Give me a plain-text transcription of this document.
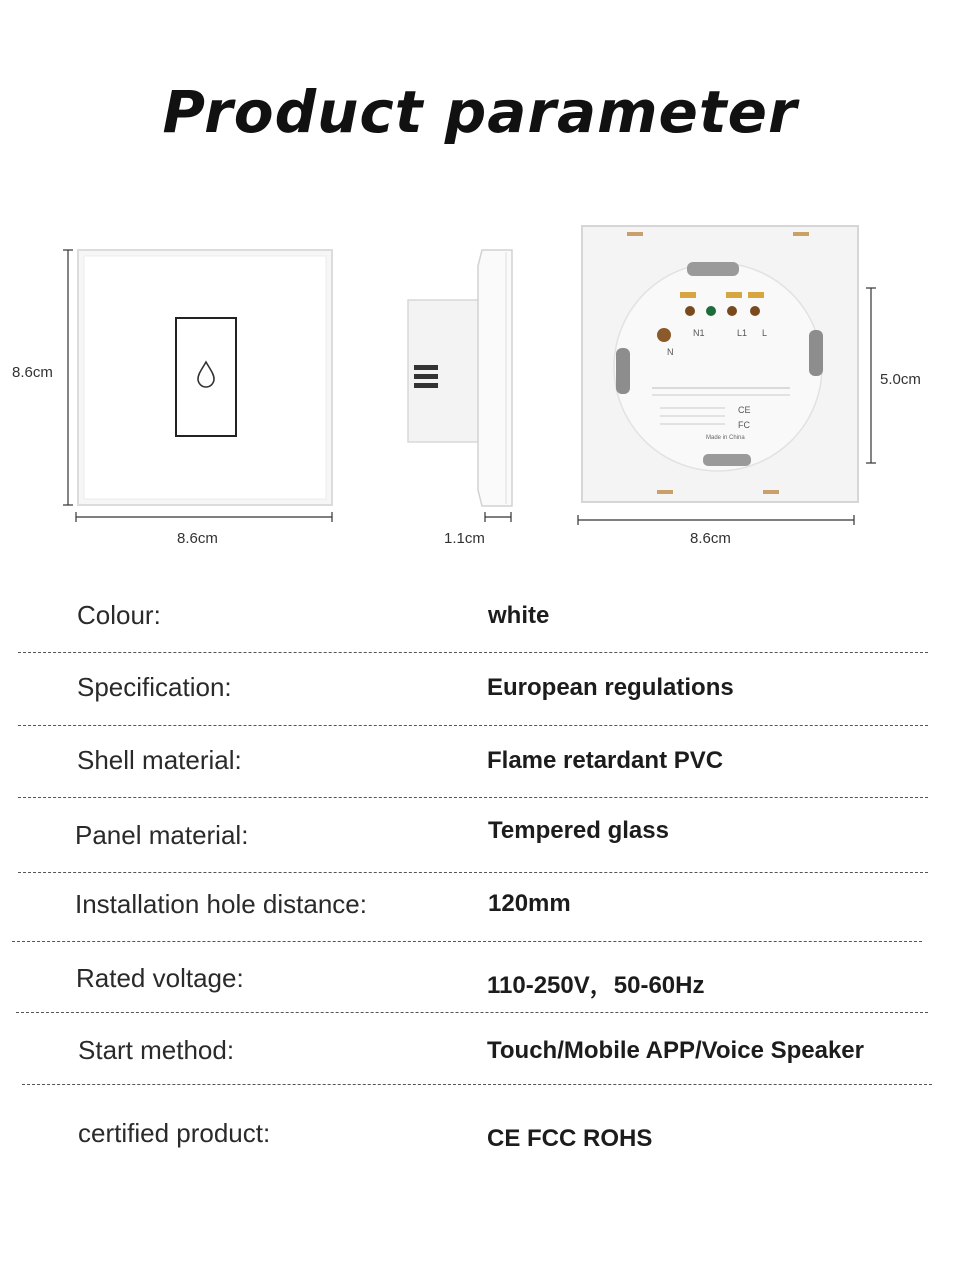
Product parameter
N1	L1 L
N
CE
FC
Made in China
8.6cm
8.6cm	1.1cm	8.6cm
5.0cm
Colour:	white
Specification:	European regulations
Shell material:	Flame retardant PVC
Panel material:	Tempered glass
Installation hole distance:	120mm
Rated voltage:	110-250V，50-60Hz
Start method:	Touch/Mobile APP/Voice Speaker
certified product:	CE FCC ROHS
